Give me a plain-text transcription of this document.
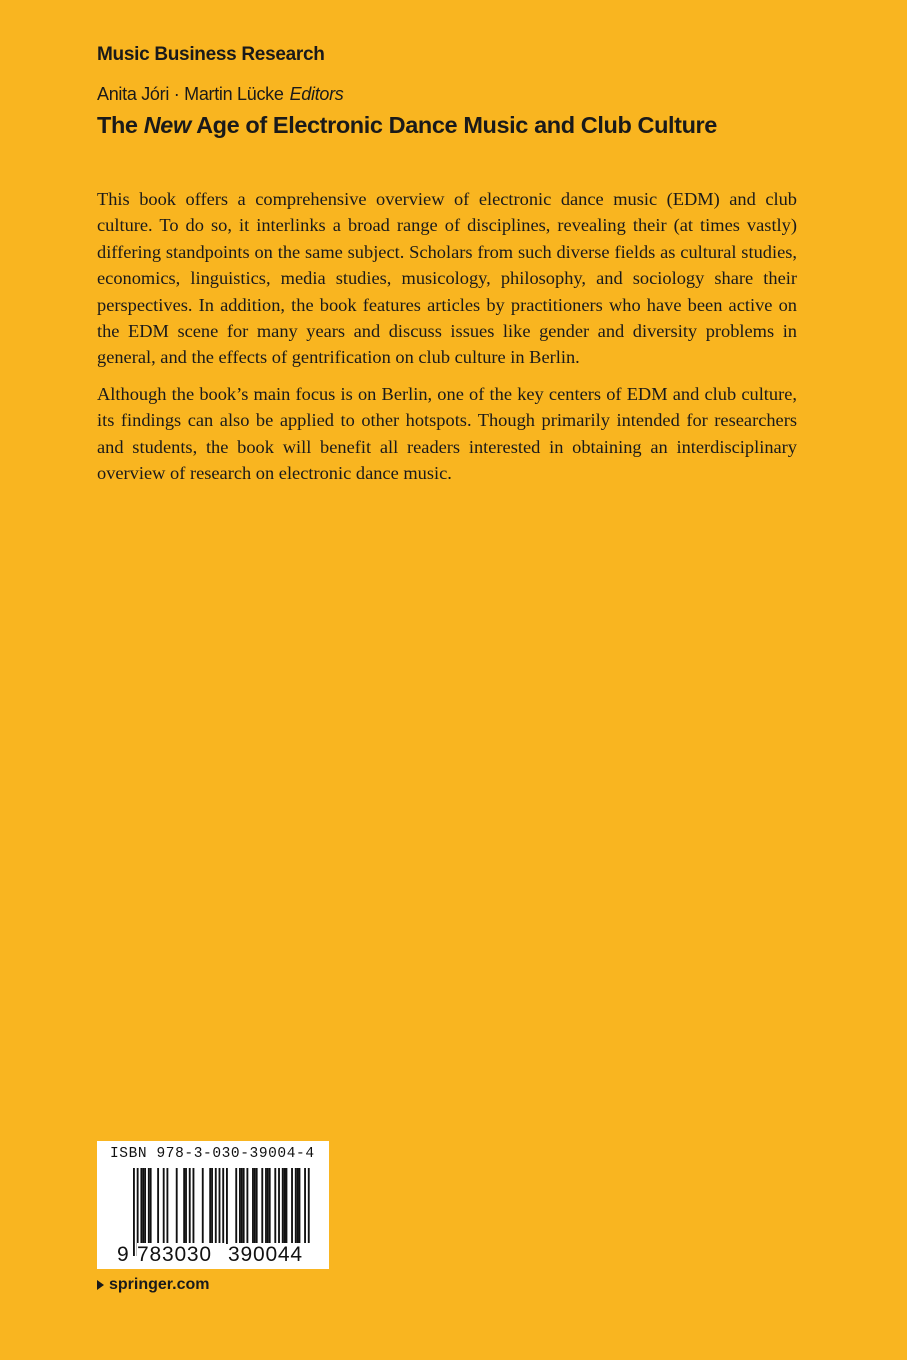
Music Business Research
Anita Jóri · Martin Lücke Editors
The New Age of Electronic Dance Music and Club Culture

This book offers a comprehensive overview of electronic dance music (EDM) and club culture. To do so, it interlinks a broad range of disciplines, revealing their (at times vastly) differing standpoints on the same subject. Scholars from such diverse fields as cultural studies, economics, linguistics, media studies, musicology, philosophy, and sociology share their perspectives. In addition, the book features articles by practitioners who have been active on the EDM scene for many years and discuss issues like gender and diversity problems in general, and the effects of gentrification on club culture in Berlin.

Although the book’s main focus is on Berlin, one of the key centers of EDM and club culture, its findings can also be applied to other hotspots. Though primarily intended for researchers and students, the book will benefit all readers interested in obtaining an interdisciplinary overview of research on electronic dance music.

ISBN 978-3-030-39004-4
9 783030 390044
springer.com
